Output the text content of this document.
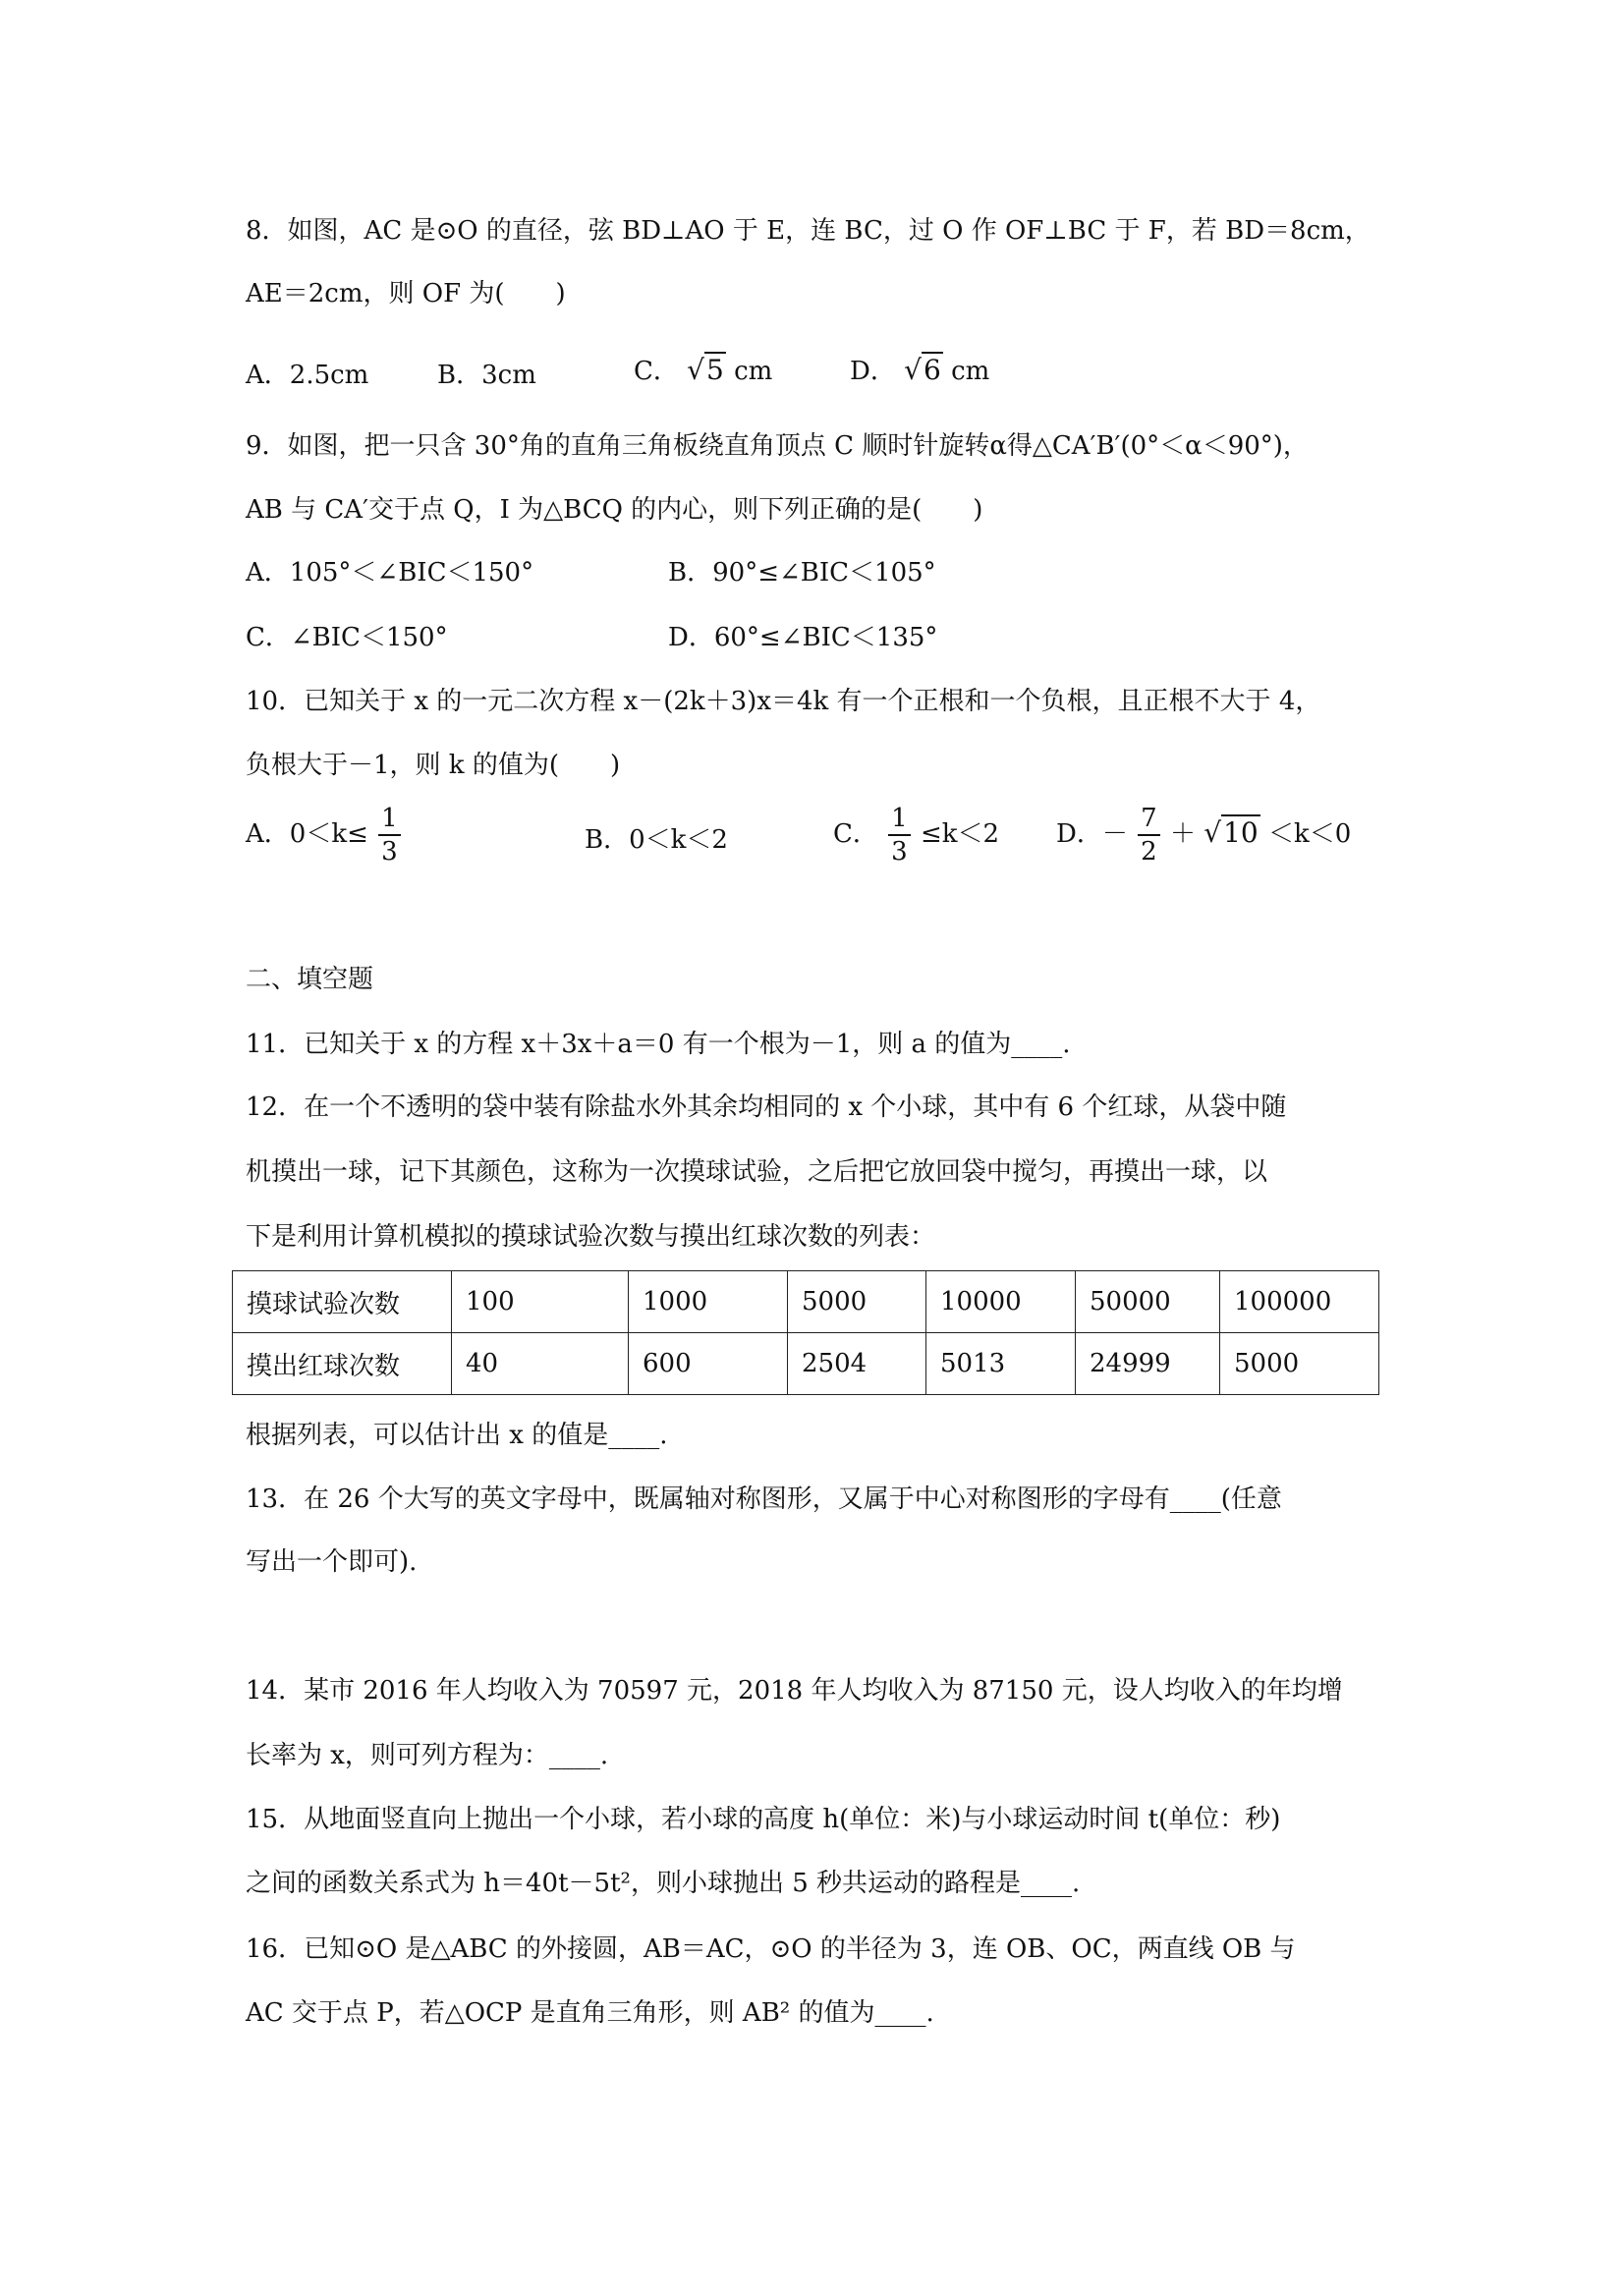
8．如图，AC 是⊙O 的直径，弦 BD⊥AO 于 E，连 BC，过 O 作 OF⊥BC 于 F，若 BD＝8cm，
AE＝2cm，则 OF 为(　　)
A．2.5cm	B．3cm	C． √5 cm	D． √6 cm
9．如图，把一只含 30°角的直角三角板绕直角顶点 C 顺时针旋转α得△CA′B′(0°＜α＜90°)，
AB 与 CA′交于点 Q，I 为△BCQ 的内心，则下列正确的是(　　)
A．105°＜∠BIC＜150°	B．90°≤∠BIC＜105°
C．∠BIC＜150°	D．60°≤∠BIC＜135°
10．已知关于 x 的一元二次方程 x－(2k＋3)x＝4k 有一个正根和一个负根，且正根不大于 4，
负根大于－1，则 k 的值为(　　)
A．$0<k\le \frac{1}{3}$	B．0＜k＜2	C． $\frac{1}{3} \le k<2$ D．－ $\frac{7}{2} + √10 <k<0$
二、填空题
11．已知关于 x 的方程 x＋3x＋a＝0 有一个根为－1，则 a 的值为____.
12．在一个不透明的袋中装有除盐水外其余均相同的 x 个小球，其中有 6 个红球，从袋中随
机摸出一球，记下其颜色，这称为一次摸球试验，之后把它放回袋中搅匀，再摸出一球，以
下是利用计算机模拟的摸球试验次数与摸出红球次数的列表：
摸球试验次数	100	1000	5000	10000	50000	100000
摸出红球次数	40	600	2504	5013	24999	5000
根据列表，可以估计出 x 的值是____.
13．在 26 个大写的英文字母中，既属轴对称图形，又属于中心对称图形的字母有____(任意
写出一个即可).
14．某市 2016 年人均收入为 70597 元，2018 年人均收入为 87150 元，设人均收入的年均增
长率为 x，则可列方程为：____.
15．从地面竖直向上抛出一个小球，若小球的高度 h(单位：米)与小球运动时间 t(单位：秒)
之间的函数关系式为 h＝40t－5t²，则小球抛出 5 秒共运动的路程是____.
16．已知⊙O 是△ABC 的外接圆，AB＝AC，⊙O 的半径为 3，连 OB、OC，两直线 OB 与
AC 交于点 P，若△OCP 是直角三角形，则 AB² 的值为____.
